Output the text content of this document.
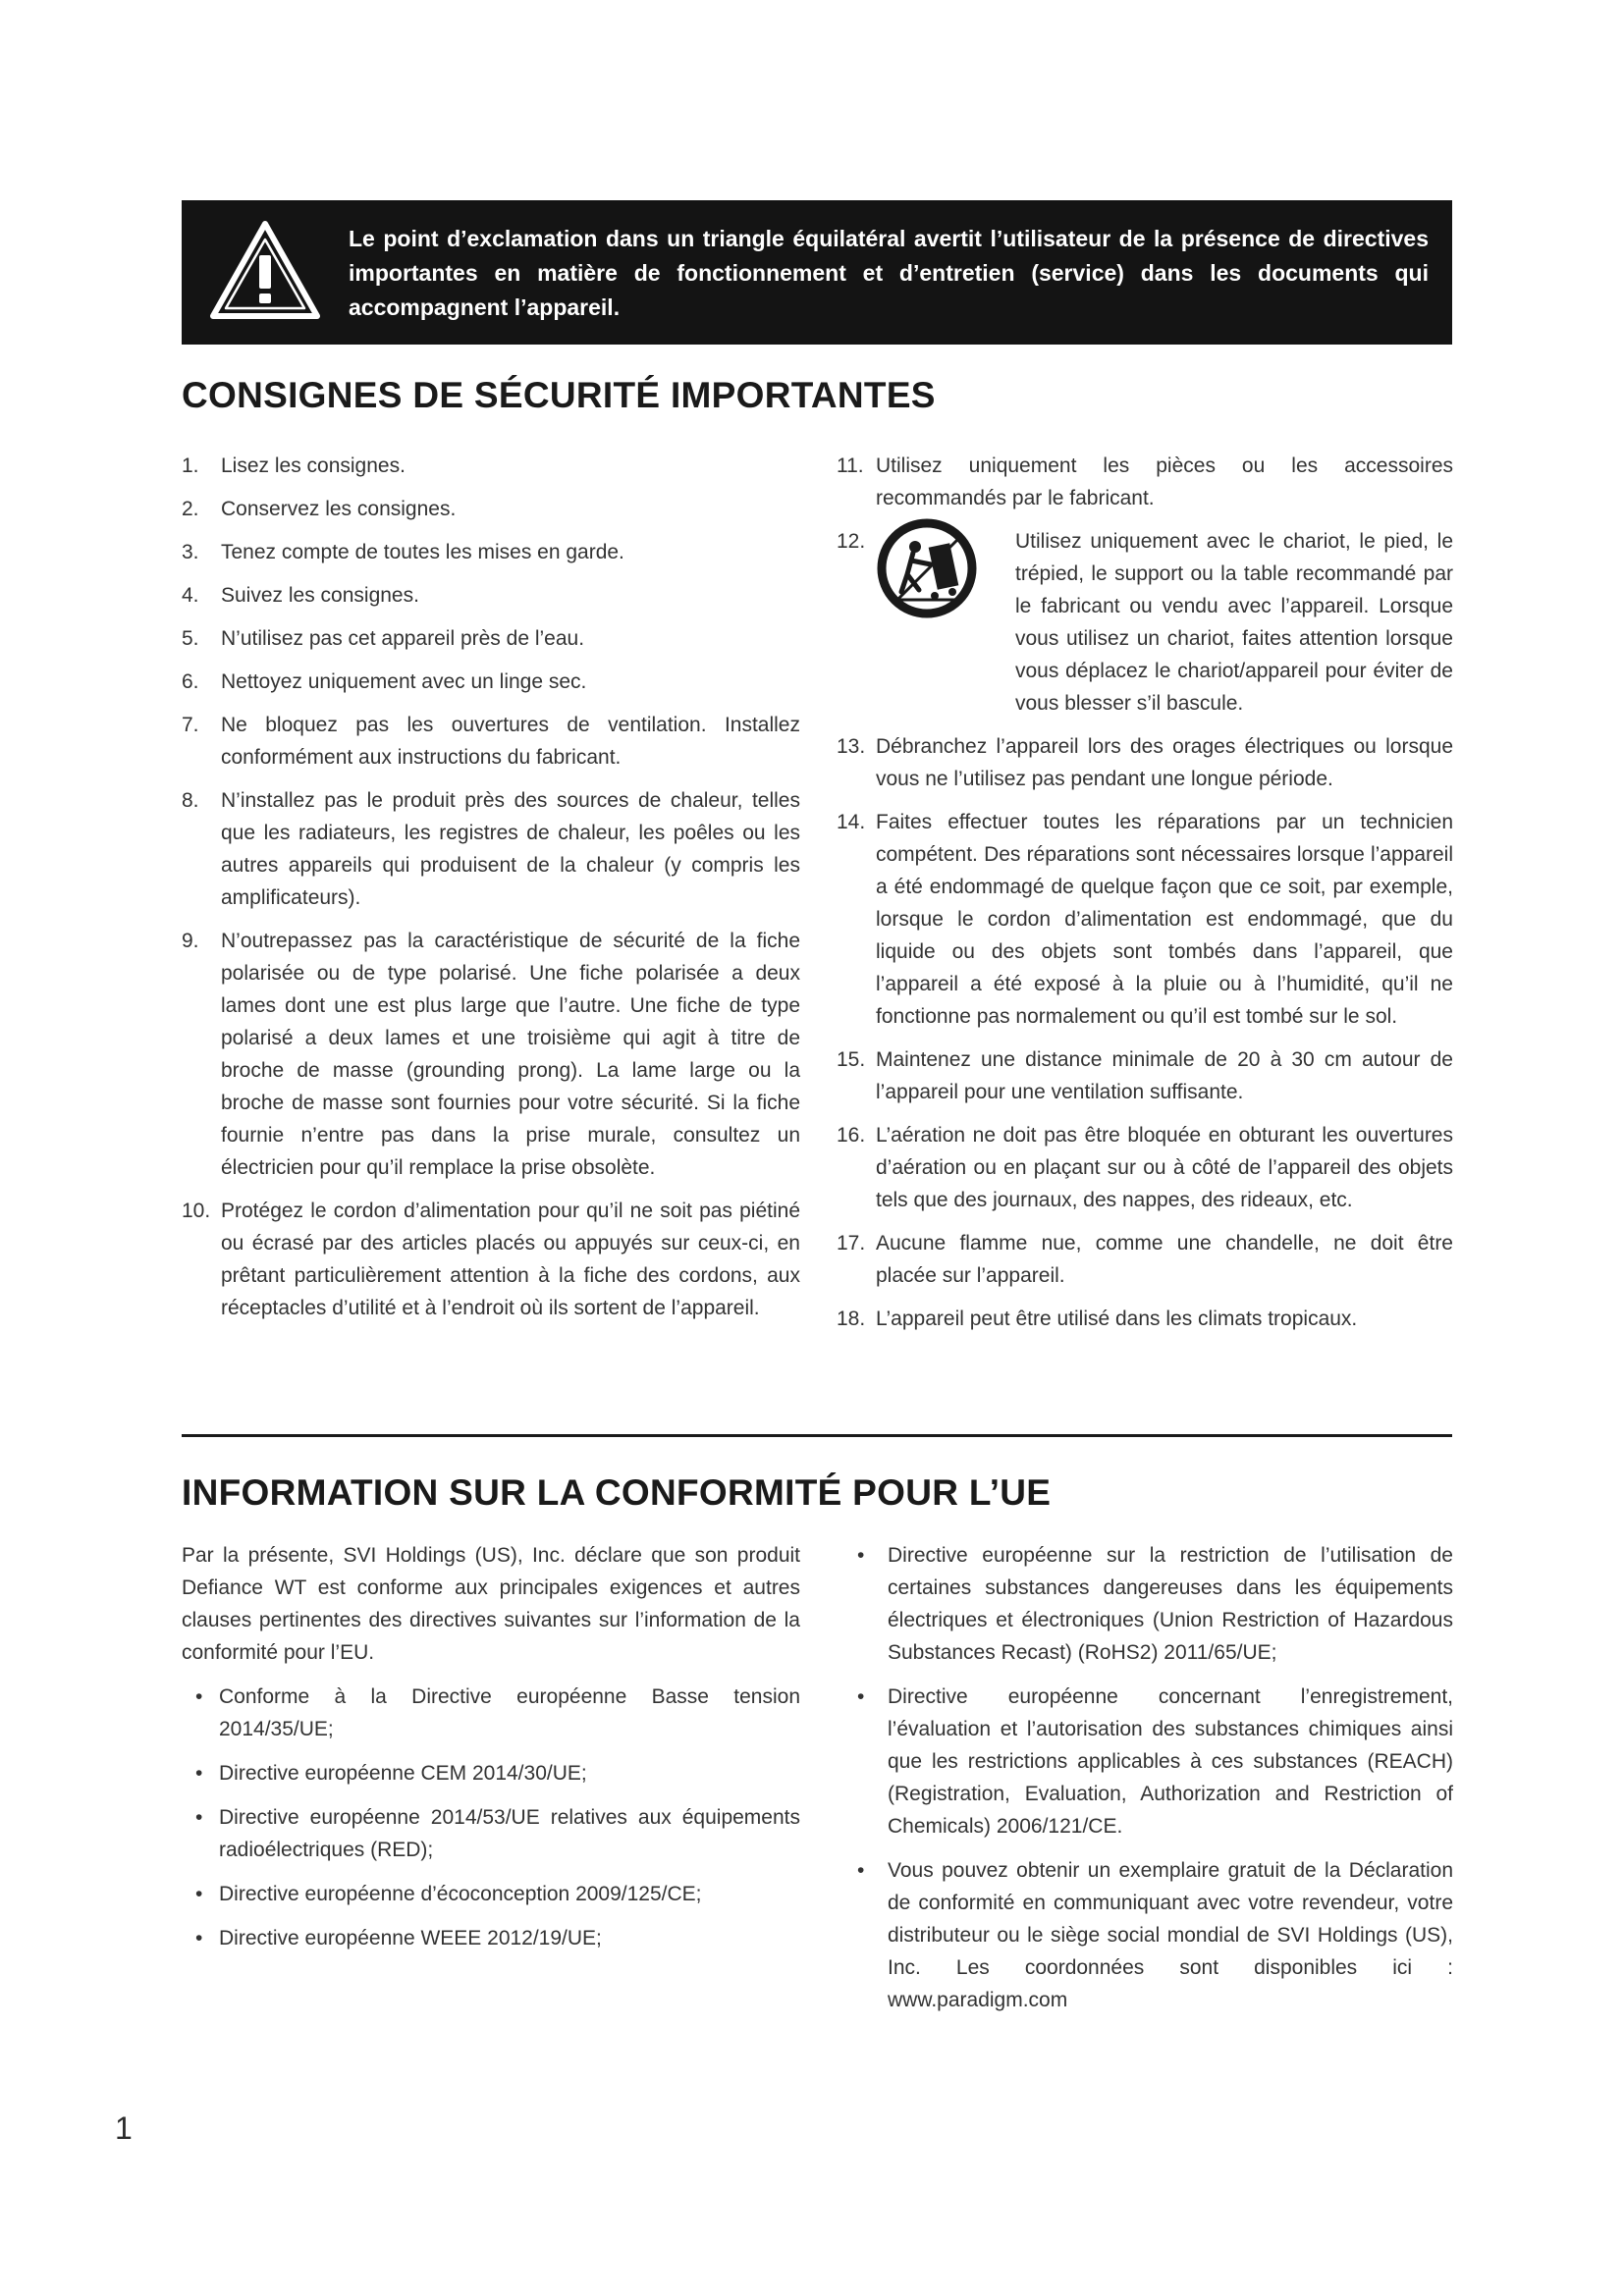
Le point d’exclamation dans un triangle équilatéral avertit l’utilisateur de la présence de directives importantes en matière de fonctionnement et d’entretien (service) dans les documents qui accompagnent l’appareil.
CONSIGNES DE SÉCURITÉ IMPORTANTES
1. Lisez les consignes.
2. Conservez les consignes.
3. Tenez compte de toutes les mises en garde.
4. Suivez les consignes.
5. N’utilisez pas cet appareil près de l’eau.
6. Nettoyez uniquement avec un linge sec.
7. Ne bloquez pas les ouvertures de ventilation. Installez conformément aux instructions du fabricant.
8. N’installez pas le produit près des sources de chaleur, telles que les radiateurs, les registres de chaleur, les poêles ou les autres appareils qui produisent de la chaleur (y compris les amplificateurs).
9. N’outrepassez pas la caractéristique de sécurité de la fiche polarisée ou de type polarisé. Une fiche polarisée a deux lames dont une est plus large que l’autre. Une fiche de type polarisé a deux lames et une troisième qui agit à titre de broche de masse (grounding prong). La lame large ou la broche de masse sont fournies pour votre sécurité. Si la fiche fournie n’entre pas dans la prise murale, consultez un électricien pour qu’il remplace la prise obsolète.
10. Protégez le cordon d’alimentation pour qu’il ne soit pas piétiné ou écrasé par des articles placés ou appuyés sur ceux-ci, en prêtant particulièrement attention à la fiche des cordons, aux réceptacles d’utilité et à l’endroit où ils sortent de l’appareil.
11. Utilisez uniquement les pièces ou les accessoires recommandés par le fabricant.
12.	Utilisez uniquement avec le chariot, le pied, le trépied, le support ou la table recommandé par le fabricant ou vendu avec l’appareil. Lorsque vous utilisez un chariot, faites attention lorsque vous déplacez le chariot/appareil pour éviter de vous blesser s’il bascule.
13. Débranchez l’appareil lors des orages électriques ou lorsque vous ne l’utilisez pas pendant une longue période.
14. Faites effectuer toutes les réparations par un technicien compétent. Des réparations sont nécessaires lorsque l’appareil a été endommagé de quelque façon que ce soit, par exemple, lorsque le cordon d’alimentation est endommagé, que du liquide ou des objets sont tombés dans l’appareil, que l’appareil a été exposé à la pluie ou à l’humidité, qu’il ne fonctionne pas normalement ou qu’il est tombé sur le sol.
15. Maintenez une distance minimale de 20 à 30 cm autour de l’appareil pour une ventilation suffisante.
16. L’aération ne doit pas être bloquée en obturant les ouvertures d’aération ou en plaçant sur ou à côté de l’appareil des objets tels que des journaux, des nappes, des rideaux, etc.
17. Aucune flamme nue, comme une chandelle, ne doit être placée sur l’appareil.
18. L’appareil peut être utilisé dans les climats tropicaux.
INFORMATION SUR LA CONFORMITÉ POUR L’UE

Par la présente, SVI Holdings (US), Inc. déclare que son produit Defiance WT est conforme aux principales exigences et autres clauses pertinentes des directives suivantes sur l’information de la conformité pour l’EU.

• Conforme à la Directive européenne Basse tension 2014/35/UE;
• Directive européenne CEM 2014/30/UE;
• Directive européenne 2014/53/UE relatives aux équipements radioélectriques (RED);
• Directive européenne d’écoconception 2009/125/CE;
• Directive européenne WEEE 2012/19/UE;
• Directive européenne sur la restriction de l’utilisation de certaines substances dangereuses dans les équipements électriques et électroniques (Union Restriction of Hazardous Substances Recast) (RoHS2) 2011/65/UE;
• Directive européenne concernant l’enregistrement, l’évaluation et l’autorisation des substances chimiques ainsi que les restrictions applicables à ces substances (REACH) (Registration, Evaluation, Authorization and Restriction of Chemicals) 2006/121/CE.
• Vous pouvez obtenir un exemplaire gratuit de la Déclaration de conformité en communiquant avec votre revendeur, votre distributeur ou le siège social mondial de SVI Holdings (US), Inc. Les coordonnées sont disponibles ici : www.paradigm.com
1
